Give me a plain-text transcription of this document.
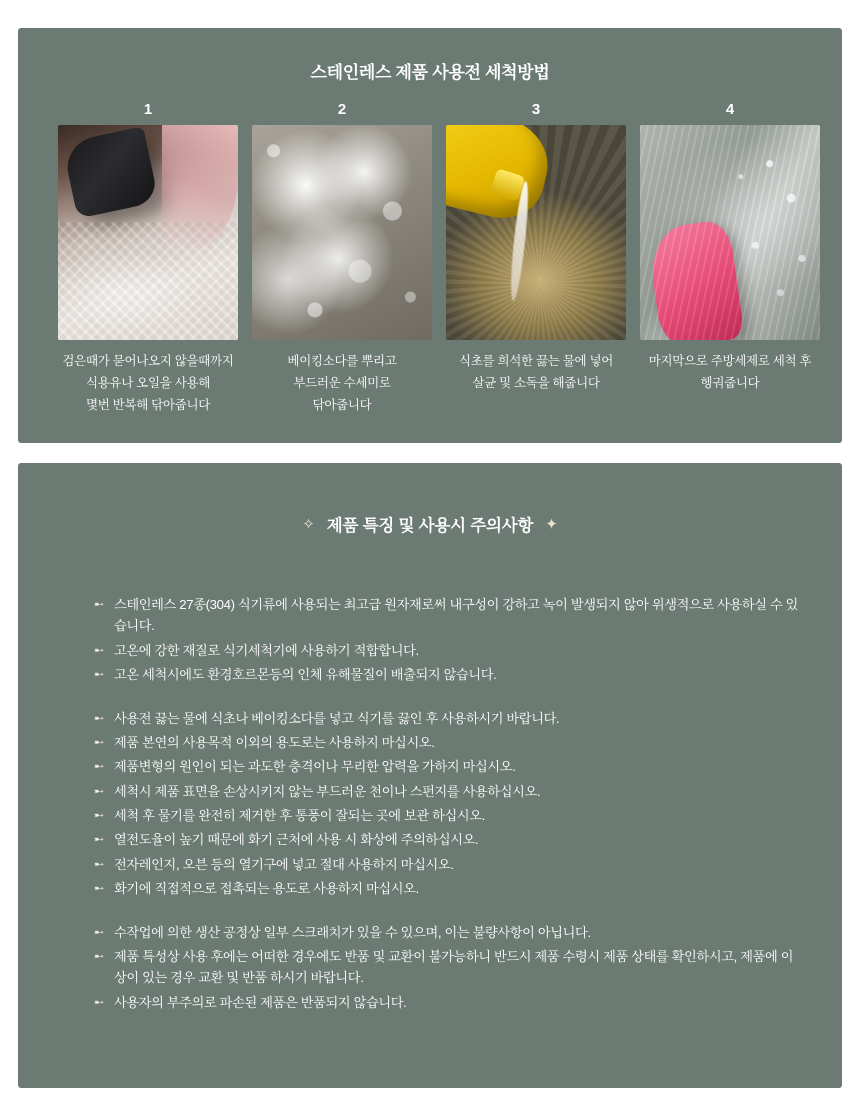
스테인레스 제품 사용전 세척방법
1
검은때가 묻어나오지 않을때까지
식용유나 오일을 사용해
몇번 반복해 닦아줍니다
2
베이킹소다를 뿌리고
부드러운 수세미로
닦아줍니다
3
식초를 희석한 끓는 물에 넣어
살균 및 소독을 해줍니다
4
마지막으로 주방세제로 세척 후
헹궈줍니다
✧ 제품 특징 및 사용시 주의사항 ✦
➸ 스테인레스 27종(304) 식기류에 사용되는 최고급 원자재로써 내구성이 강하고 녹이 발생되지 않아 위생적으로 사용하실 수 있습니다.
➸ 고온에 강한 재질로 식기세척기에 사용하기 적합합니다.
➸ 고온 세척시에도 환경호르몬등의 인체 유해물질이 배출되지 않습니다.
➸ 사용전 끓는 물에 식초나 베이킹소다를 넣고 식기를 끓인 후 사용하시기 바랍니다.
➸ 제품 본연의 사용목적 이외의 용도로는 사용하지 마십시오.
➸ 제품변형의 원인이 되는 과도한 충격이나 무리한 압력을 가하지 마십시오.
➸ 세척시 제품 표면을 손상시키지 않는 부드러운 천이나 스펀지를 사용하십시오.
➸ 세척 후 물기를 완전히 제거한 후 통풍이 잘되는 곳에 보관 하십시오.
➸ 열전도율이 높기 때문에 화기 근처에 사용 시 화상에 주의하십시오.
➸ 전자레인지, 오븐 등의 열기구에 넣고 절대 사용하지 마십시오.
➸ 화기에 직접적으로 접촉되는 용도로 사용하지 마십시오.
➸ 수작업에 의한 생산 공정상 일부 스크래치가 있을 수 있으며, 이는 불량사항이 아닙니다.
➸ 제품 특성상 사용 후에는 어떠한 경우에도 반품 및 교환이 불가능하니 반드시 제품 수령시 제품 상태를 확인하시고, 제품에 이상이 있는 경우 교환 및 반품 하시기 바랍니다.
➸ 사용자의 부주의로 파손된 제품은 반품되지 않습니다.
